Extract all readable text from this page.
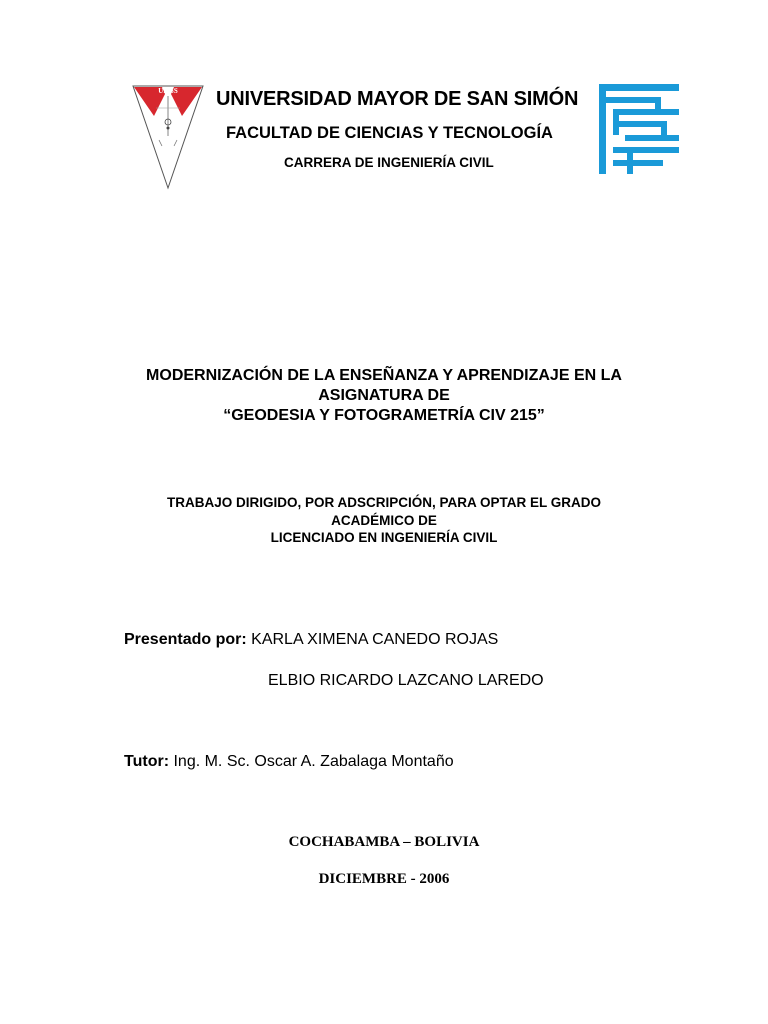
UMSS UNIVERSIDAD MAYOR DE SAN SIMÓN
FACULTAD DE CIENCIAS Y TECNOLOGÍA
CARRERA DE INGENIERÍA CIVIL
MODERNIZACIÓN DE LA ENSEÑANZA Y APRENDIZAJE EN LA
ASIGNATURA DE
“GEODESIA Y FOTOGRAMETRÍA CIV 215”
TRABAJO DIRIGIDO, POR ADSCRIPCIÓN, PARA OPTAR EL GRADO
ACADÉMICO DE
LICENCIADO EN INGENIERÍA CIVIL
Presentado por: KARLA XIMENA CANEDO ROJAS
ELBIO RICARDO LAZCANO LAREDO
Tutor: Ing. M. Sc. Oscar A. Zabalaga Montaño
COCHABAMBA – BOLIVIA
DICIEMBRE - 2006
